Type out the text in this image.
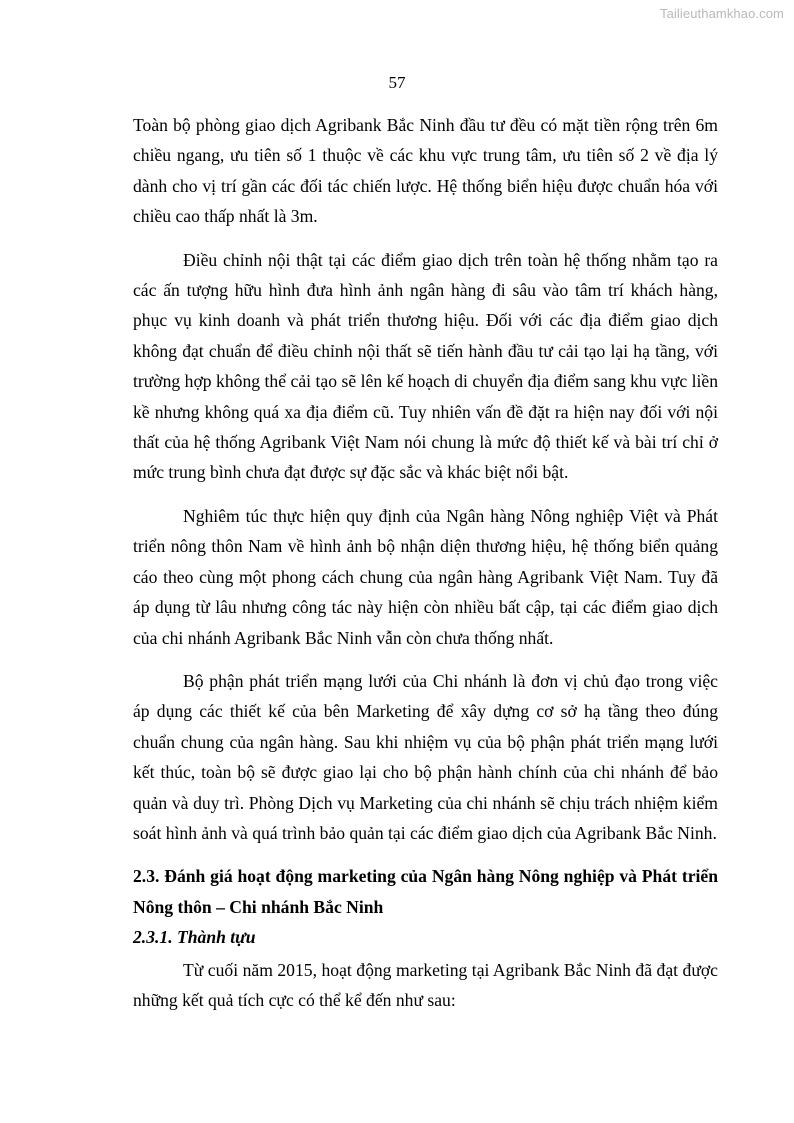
Tailieuthamkhao.com
57

Toàn bộ phòng giao dịch Agribank Bắc Ninh đầu tư đều có mặt tiền rộng trên 6m chiều ngang, ưu tiên số 1 thuộc về các khu vực trung tâm, ưu tiên số 2 về địa lý dành cho vị trí gần các đối tác chiến lược. Hệ thống biển hiệu được chuẩn hóa với chiều cao thấp nhất là 3m.

Điều chỉnh nội thật tại các điểm giao dịch trên toàn hệ thống nhằm tạo ra các ấn tượng hữu hình đưa hình ảnh ngân hàng đi sâu vào tâm trí khách hàng, phục vụ kinh doanh và phát triển thương hiệu. Đối với các địa điểm giao dịch không đạt chuẩn để điều chỉnh nội thất sẽ tiến hành đầu tư cải tạo lại hạ tầng, với trường hợp không thể cải tạo sẽ lên kế hoạch di chuyển địa điểm sang khu vực liền kề nhưng không quá xa địa điểm cũ. Tuy nhiên vấn đề đặt ra hiện nay đối với nội thất của hệ thống Agribank Việt Nam nói chung là mức độ thiết kế và bài trí chỉ ở mức trung bình chưa đạt được sự đặc sắc và khác biệt nổi bật.

Nghiêm túc thực hiện quy định của Ngân hàng Nông nghiệp Việt và Phát triển nông thôn Nam về hình ảnh bộ nhận diện thương hiệu, hệ thống biển quảng cáo theo cùng một phong cách chung của ngân hàng Agribank Việt Nam. Tuy đã áp dụng từ lâu nhưng công tác này hiện còn nhiều bất cập, tại các điểm giao dịch của chi nhánh Agribank Bắc Ninh vẫn còn chưa thống nhất.

Bộ phận phát triển mạng lưới của Chi nhánh là đơn vị chủ đạo trong việc áp dụng các thiết kế của bên Marketing để xây dựng cơ sở hạ tầng theo đúng chuẩn chung của ngân hàng. Sau khi nhiệm vụ của bộ phận phát triển mạng lưới kết thúc, toàn bộ sẽ được giao lại cho bộ phận hành chính của chi nhánh để bảo quản và duy trì. Phòng Dịch vụ Marketing của chi nhánh sẽ chịu trách nhiệm kiểm soát hình ảnh và quá trình bảo quản tại các điểm giao dịch của Agribank Bắc Ninh.

2.3. Đánh giá hoạt động marketing của Ngân hàng Nông nghiệp và Phát triển Nông thôn – Chi nhánh Bắc Ninh

2.3.1. Thành tựu

Từ cuối năm 2015, hoạt động marketing tại Agribank Bắc Ninh đã đạt được những kết quả tích cực có thể kể đến như sau:
